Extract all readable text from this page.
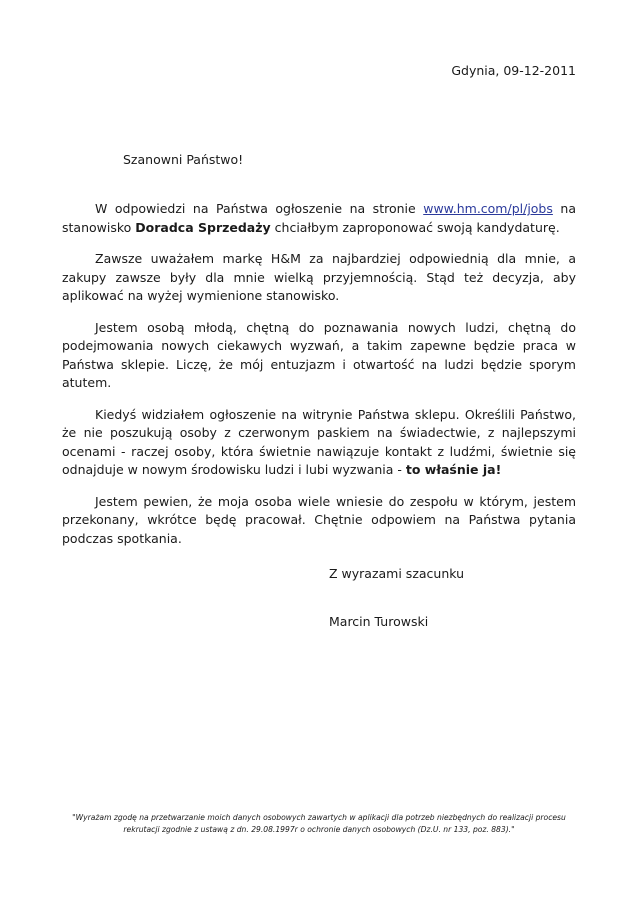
Gdynia, 09-12-2011
Szanowni Państwo!

W odpowiedzi na Państwa ogłoszenie na stronie www.hm.com/pl/jobs na stanowisko Doradca Sprzedaży chciałbym zaproponować swoją kandydaturę.

Zawsze uważałem markę H&M za najbardziej odpowiednią dla mnie, a zakupy zawsze były dla mnie wielką przyjemnością. Stąd też decyzja, aby aplikować na wyżej wymienione stanowisko.

Jestem osobą młodą, chętną do poznawania nowych ludzi, chętną do podejmowania nowych ciekawych wyzwań, a takim zapewne będzie praca w Państwa sklepie. Liczę, że mój entuzjazm i otwartość na ludzi będzie sporym atutem.

Kiedyś widziałem ogłoszenie na witrynie Państwa sklepu. Określili Państwo, że nie poszukują osoby z czerwonym paskiem na świadectwie, z najlepszymi ocenami - raczej osoby, która świetnie nawiązuje kontakt z ludźmi, świetnie się odnajduje w nowym środowisku ludzi i lubi wyzwania - to właśnie ja!

Jestem pewien, że moja osoba wiele wniesie do zespołu w którym, jestem przekonany, wkrótce będę pracował. Chętnie odpowiem na Państwa pytania podczas spotkania.

Z wyrazami szacunku
Marcin Turowski
"Wyrażam zgodę na przetwarzanie moich danych osobowych zawartych w aplikacji dla potrzeb niezbędnych do realizacji procesu rekrutacji zgodnie z ustawą z dn. 29.08.1997r o ochronie danych osobowych (Dz.U. nr 133, poz. 883)."
